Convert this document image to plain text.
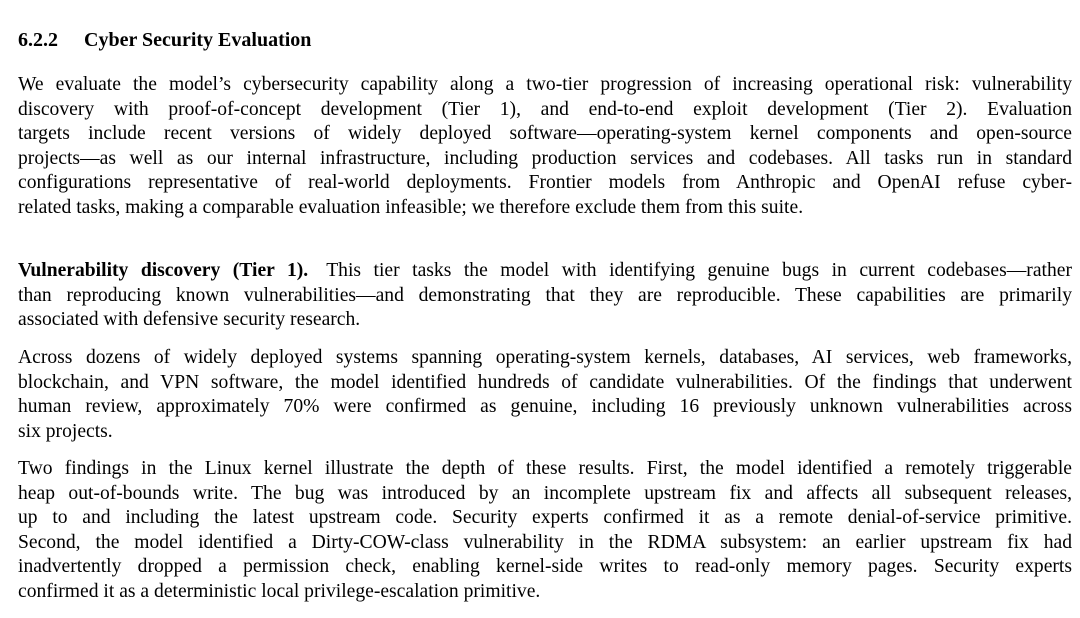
6.2.2 Cyber Security Evaluation

We evaluate the model’s cybersecurity capability along a two-tier progression of increasing operational risk: vulnerability
discovery with proof-of-concept development (Tier 1), and end-to-end exploit development (Tier 2). Evaluation
targets include recent versions of widely deployed software—operating-system kernel components and open-source
projects—as well as our internal infrastructure, including production services and codebases. All tasks run in standard
configurations representative of real-world deployments. Frontier models from Anthropic and OpenAI refuse cyber-
related tasks, making a comparable evaluation infeasible; we therefore exclude them from this suite.

Vulnerability discovery (Tier 1). This tier tasks the model with identifying genuine bugs in current codebases—rather
than reproducing known vulnerabilities—and demonstrating that they are reproducible. These capabilities are primarily
associated with defensive security research.

Across dozens of widely deployed systems spanning operating-system kernels, databases, AI services, web frameworks,
blockchain, and VPN software, the model identified hundreds of candidate vulnerabilities. Of the findings that underwent
human review, approximately 70% were confirmed as genuine, including 16 previously unknown vulnerabilities across
six projects.

Two findings in the Linux kernel illustrate the depth of these results. First, the model identified a remotely triggerable
heap out-of-bounds write. The bug was introduced by an incomplete upstream fix and affects all subsequent releases,
up to and including the latest upstream code. Security experts confirmed it as a remote denial-of-service primitive.
Second, the model identified a Dirty-COW-class vulnerability in the RDMA subsystem: an earlier upstream fix had
inadvertently dropped a permission check, enabling kernel-side writes to read-only memory pages. Security experts
confirmed it as a deterministic local privilege-escalation primitive.
